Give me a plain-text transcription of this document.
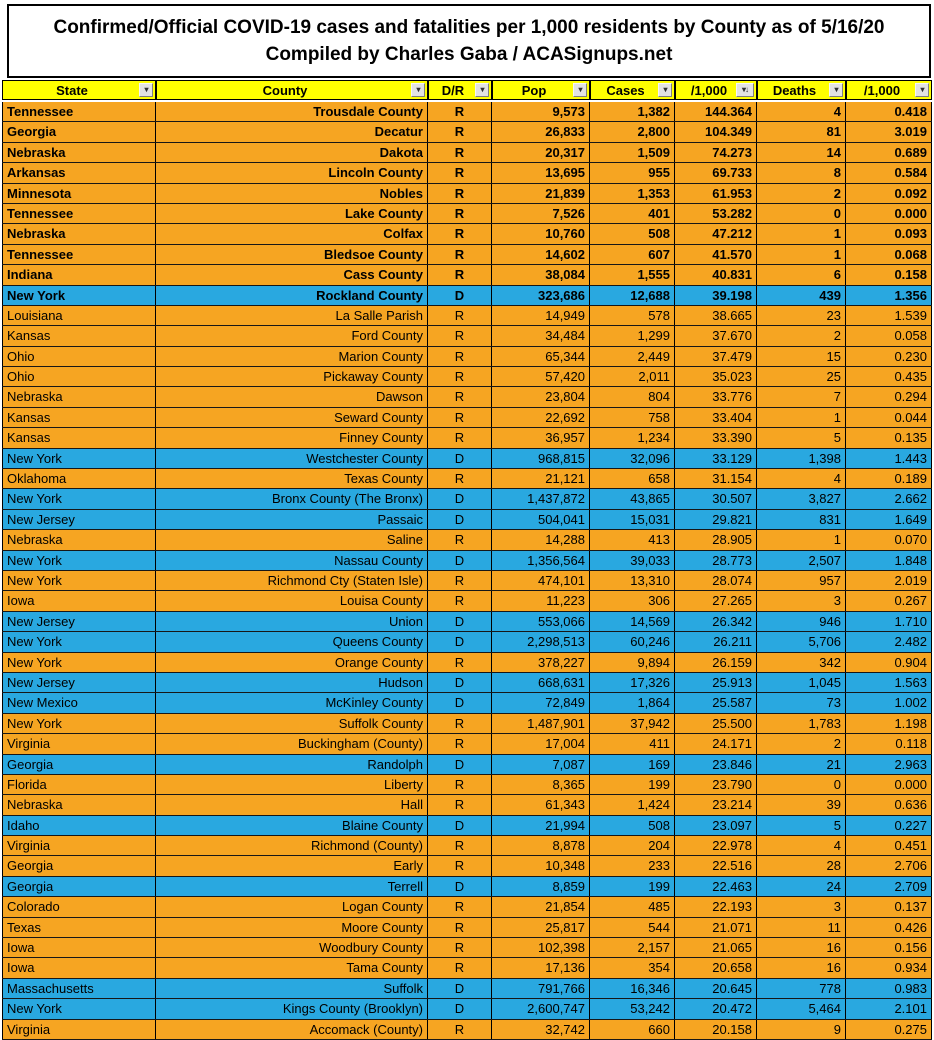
Confirmed/Official COVID-19 cases and fatalities per 1,000 residents by County as of 5/16/20
Compiled by Charles Gaba / ACASignups.net
State	▾	County	▾	D/R	▾	Pop	▾	Cases	▾	/1,000	▾↓	Deaths	▾	/1,000	▾
Tennessee	Trousdale County	R	9,573	1,382	144.364	4	0.418
Georgia	Decatur	R	26,833	2,800	104.349	81	3.019
Nebraska	Dakota	R	20,317	1,509	74.273	14	0.689
Arkansas	Lincoln County	R	13,695	955	69.733	8	0.584
Minnesota	Nobles	R	21,839	1,353	61.953	2	0.092
Tennessee	Lake County	R	7,526	401	53.282	0	0.000
Nebraska	Colfax	R	10,760	508	47.212	1	0.093
Tennessee	Bledsoe County	R	14,602	607	41.570	1	0.068
Indiana	Cass County	R	38,084	1,555	40.831	6	0.158
New York	Rockland County	D	323,686	12,688	39.198	439	1.356
Louisiana	La Salle Parish	R	14,949	578	38.665	23	1.539
Kansas	Ford County	R	34,484	1,299	37.670	2	0.058
Ohio	Marion County	R	65,344	2,449	37.479	15	0.230
Ohio	Pickaway County	R	57,420	2,011	35.023	25	0.435
Nebraska	Dawson	R	23,804	804	33.776	7	0.294
Kansas	Seward County	R	22,692	758	33.404	1	0.044
Kansas	Finney County	R	36,957	1,234	33.390	5	0.135
New York	Westchester County	D	968,815	32,096	33.129	1,398	1.443
Oklahoma	Texas County	R	21,121	658	31.154	4	0.189
New York	Bronx County (The Bronx)	D	1,437,872	43,865	30.507	3,827	2.662
New Jersey	Passaic	D	504,041	15,031	29.821	831	1.649
Nebraska	Saline	R	14,288	413	28.905	1	0.070
New York	Nassau County	D	1,356,564	39,033	28.773	2,507	1.848
New York	Richmond Cty (Staten Isle)	R	474,101	13,310	28.074	957	2.019
Iowa	Louisa County	R	11,223	306	27.265	3	0.267
New Jersey	Union	D	553,066	14,569	26.342	946	1.710
New York	Queens County	D	2,298,513	60,246	26.211	5,706	2.482
New York	Orange County	R	378,227	9,894	26.159	342	0.904
New Jersey	Hudson	D	668,631	17,326	25.913	1,045	1.563
New Mexico	McKinley County	D	72,849	1,864	25.587	73	1.002
New York	Suffolk County	R	1,487,901	37,942	25.500	1,783	1.198
Virginia	Buckingham (County)	R	17,004	411	24.171	2	0.118
Georgia	Randolph	D	7,087	169	23.846	21	2.963
Florida	Liberty	R	8,365	199	23.790	0	0.000
Nebraska	Hall	R	61,343	1,424	23.214	39	0.636
Idaho	Blaine County	D	21,994	508	23.097	5	0.227
Virginia	Richmond (County)	R	8,878	204	22.978	4	0.451
Georgia	Early	R	10,348	233	22.516	28	2.706
Georgia	Terrell	D	8,859	199	22.463	24	2.709
Colorado	Logan County	R	21,854	485	22.193	3	0.137
Texas	Moore County	R	25,817	544	21.071	11	0.426
Iowa	Woodbury County	R	102,398	2,157	21.065	16	0.156
Iowa	Tama County	R	17,136	354	20.658	16	0.934
Massachusetts	Suffolk	D	791,766	16,346	20.645	778	0.983
New York	Kings County (Brooklyn)	D	2,600,747	53,242	20.472	5,464	2.101
Virginia	Accomack (County)	R	32,742	660	20.158	9	0.275
